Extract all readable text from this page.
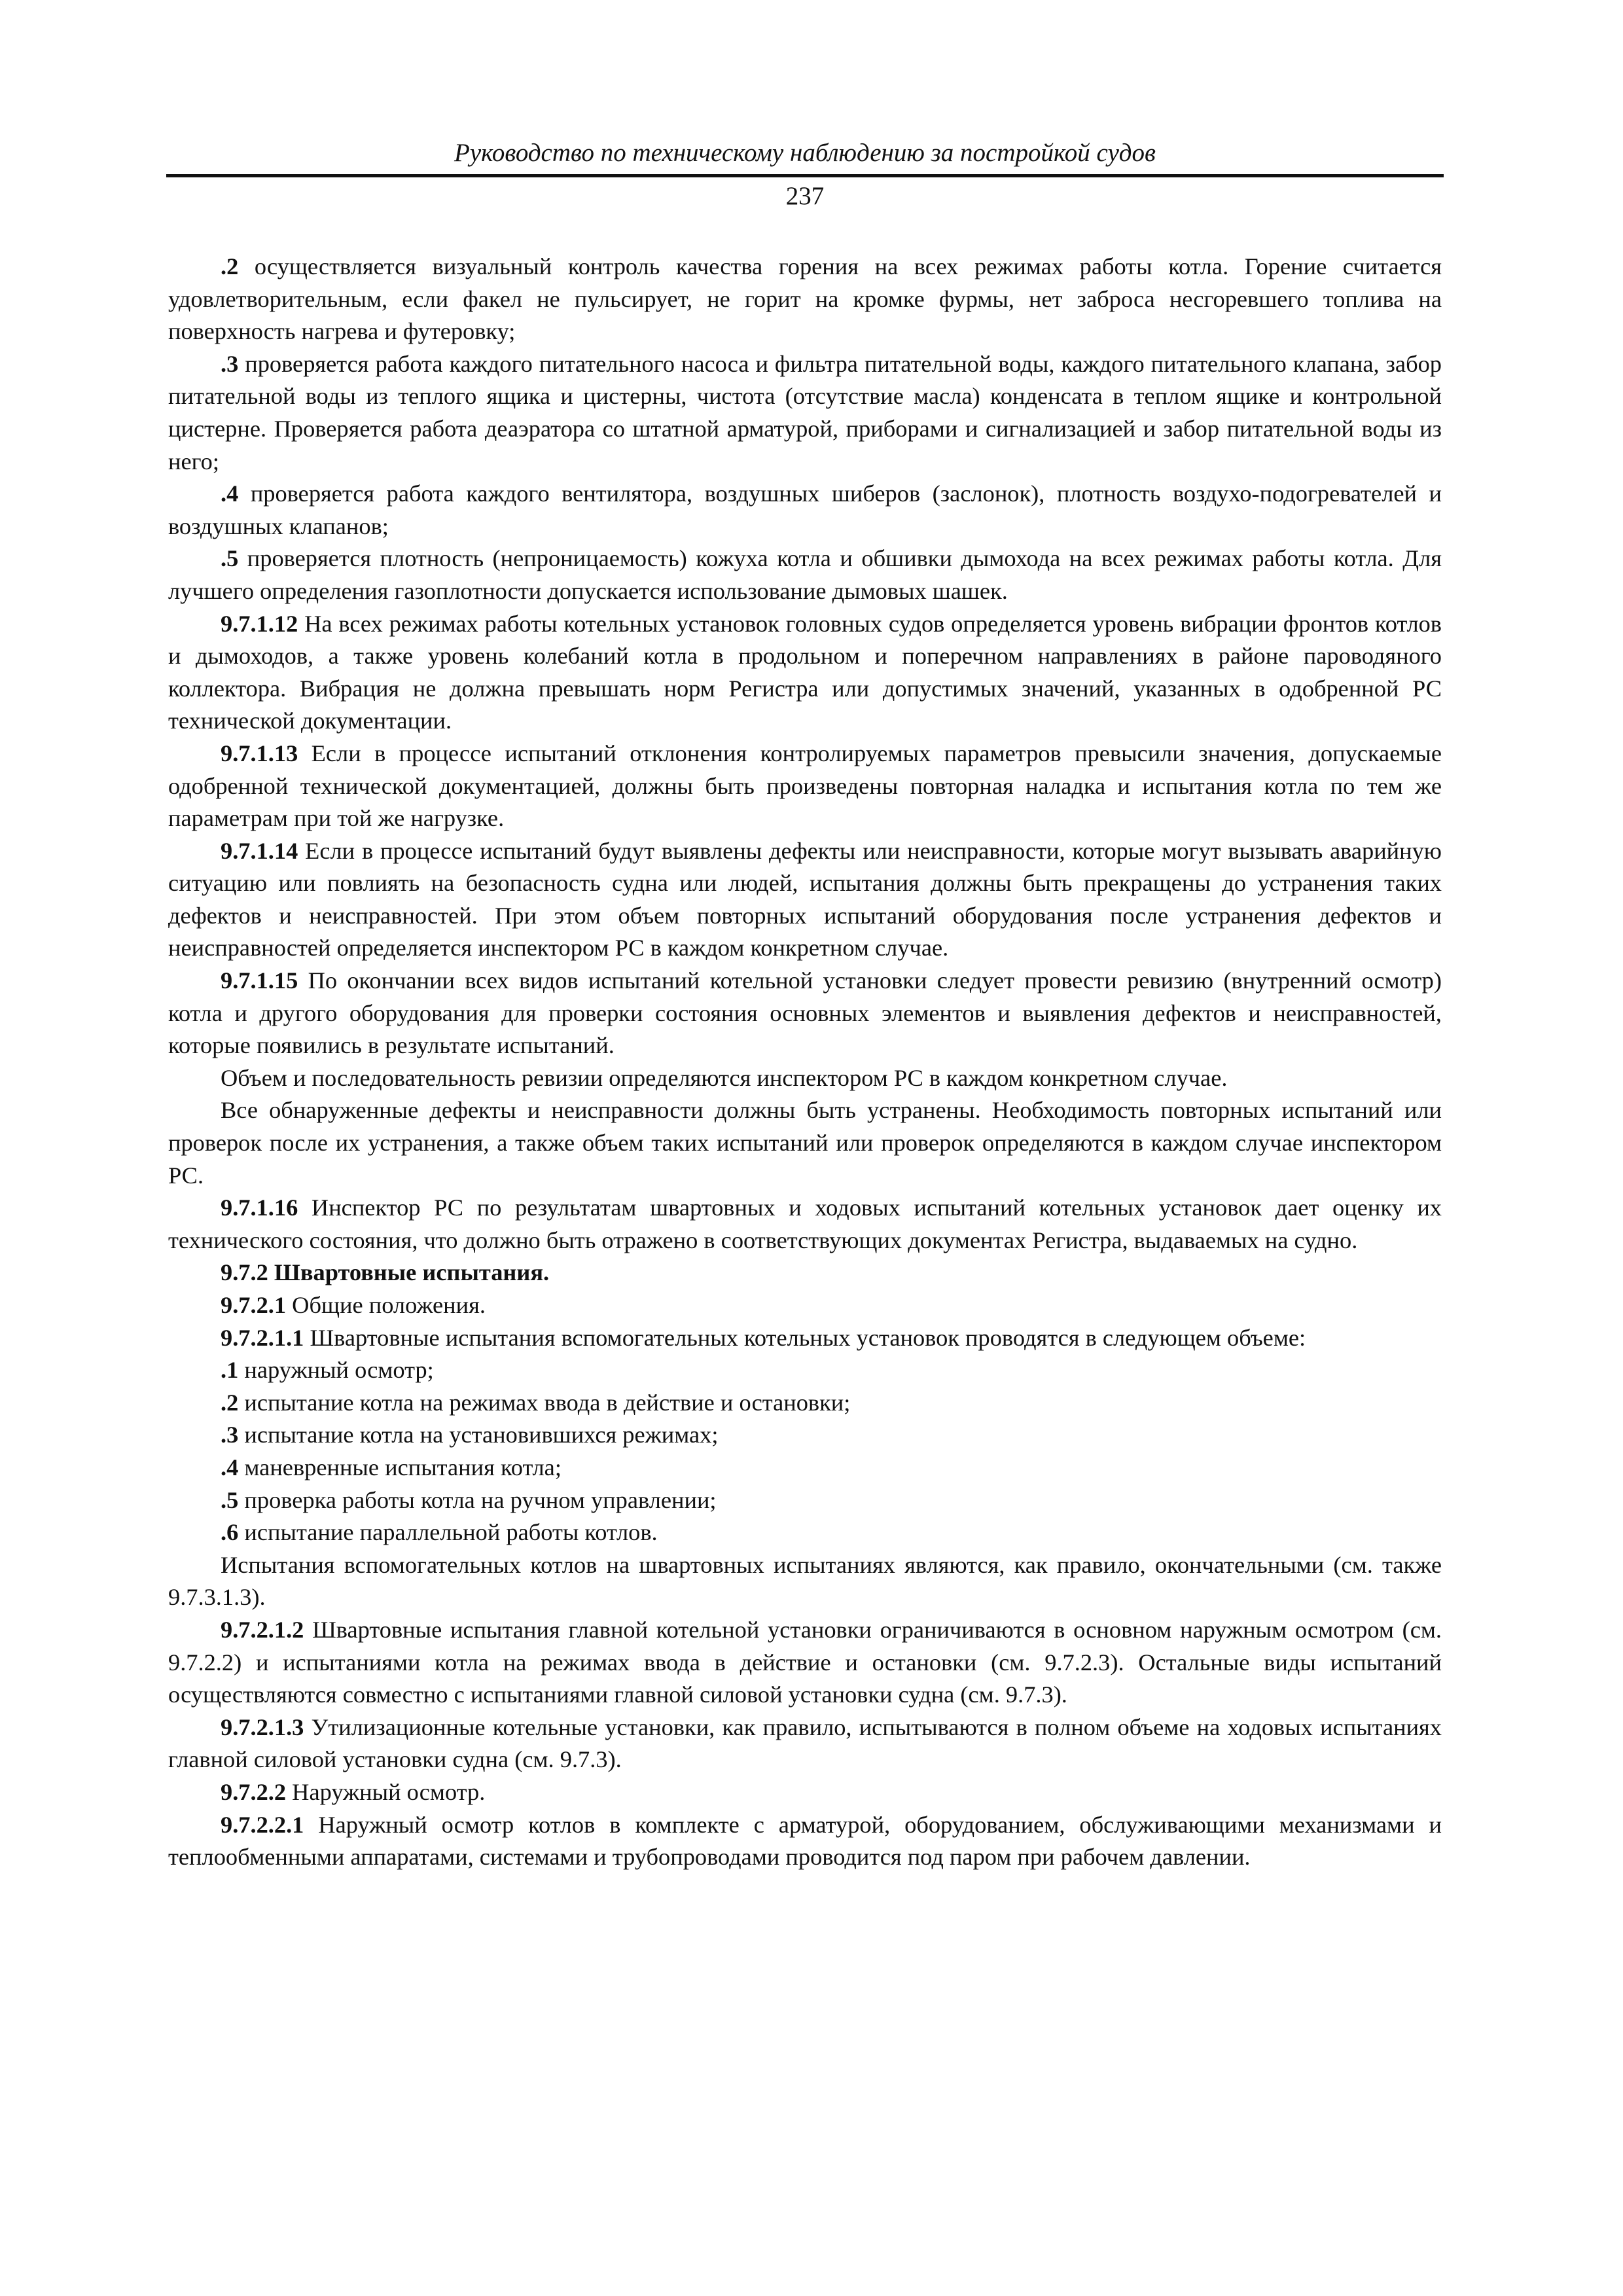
Руководство по техническому наблюдению за постройкой судов
237

.2 осуществляется визуальный контроль качества горения на всех режимах работы котла. Горение считается удовлетворительным, если факел не пульсирует, не горит на кромке фурмы, нет заброса несгоревшего топлива на поверхность нагрева и футеровку;

.3 проверяется работа каждого питательного насоса и фильтра питательной воды, каждого питательного клапана, забор питательной воды из теплого ящика и цистерны, чистота (отсутствие масла) конденсата в теплом ящике и контрольной цистерне. Проверяется работа деаэратора со штатной арматурой, приборами и сигнализацией и забор питательной воды из него;

.4 проверяется работа каждого вентилятора, воздушных шиберов (заслонок), плотность воздухо-подогревателей и воздушных клапанов;

.5 проверяется плотность (непроницаемость) кожуха котла и обшивки дымохода на всех режимах работы котла. Для лучшего определения газоплотности допускается использование дымовых шашек.

9.7.1.12 На всех режимах работы котельных установок головных судов определяется уровень вибрации фронтов котлов и дымоходов, а также уровень колебаний котла в продольном и поперечном направлениях в районе пароводяного коллектора. Вибрация не должна превышать норм Регистра или допустимых значений, указанных в одобренной РС технической документации.

9.7.1.13 Если в процессе испытаний отклонения контролируемых параметров превысили значения, допускаемые одобренной технической документацией, должны быть произведены повторная наладка и испытания котла по тем же параметрам при той же нагрузке.

9.7.1.14 Если в процессе испытаний будут выявлены дефекты или неисправности, которые могут вызывать аварийную ситуацию или повлиять на безопасность судна или людей, испытания должны быть прекращены до устранения таких дефектов и неисправностей. При этом объем повторных испытаний оборудования после устранения дефектов и неисправностей определяется инспектором РС в каждом конкретном случае.

9.7.1.15 По окончании всех видов испытаний котельной установки следует провести ревизию (внутренний осмотр) котла и другого оборудования для проверки состояния основных элементов и выявления дефектов и неисправностей, которые появились в результате испытаний.

Объем и последовательность ревизии определяются инспектором РС в каждом конкретном случае.

Все обнаруженные дефекты и неисправности должны быть устранены. Необходимость повторных испытаний или проверок после их устранения, а также объем таких испытаний или проверок определяются в каждом случае инспектором РС.

9.7.1.16 Инспектор РС по результатам швартовных и ходовых испытаний котельных установок дает оценку их технического состояния, что должно быть отражено в соответствующих документах Регистра, выдаваемых на судно.

9.7.2 Швартовные испытания.

9.7.2.1 Общие положения.

9.7.2.1.1 Швартовные испытания вспомогательных котельных установок проводятся в следующем объеме:

.1 наружный осмотр;

.2 испытание котла на режимах ввода в действие и остановки;

.3 испытание котла на установившихся режимах;

.4 маневренные испытания котла;

.5 проверка работы котла на ручном управлении;

.6 испытание параллельной работы котлов.

Испытания вспомогательных котлов на швартовных испытаниях являются, как правило, окончательными (см. также 9.7.3.1.3).

9.7.2.1.2 Швартовные испытания главной котельной установки ограничиваются в основном наружным осмотром (см. 9.7.2.2) и испытаниями котла на режимах ввода в действие и остановки (см. 9.7.2.3). Остальные виды испытаний осуществляются совместно с испытаниями главной силовой установки судна (см. 9.7.3).

9.7.2.1.3 Утилизационные котельные установки, как правило, испытываются в полном объеме на ходовых испытаниях главной силовой установки судна (см. 9.7.3).

9.7.2.2 Наружный осмотр.

9.7.2.2.1 Наружный осмотр котлов в комплекте с арматурой, оборудованием, обслуживающими механизмами и теплообменными аппаратами, системами и трубопроводами проводится под паром при рабочем давлении.
